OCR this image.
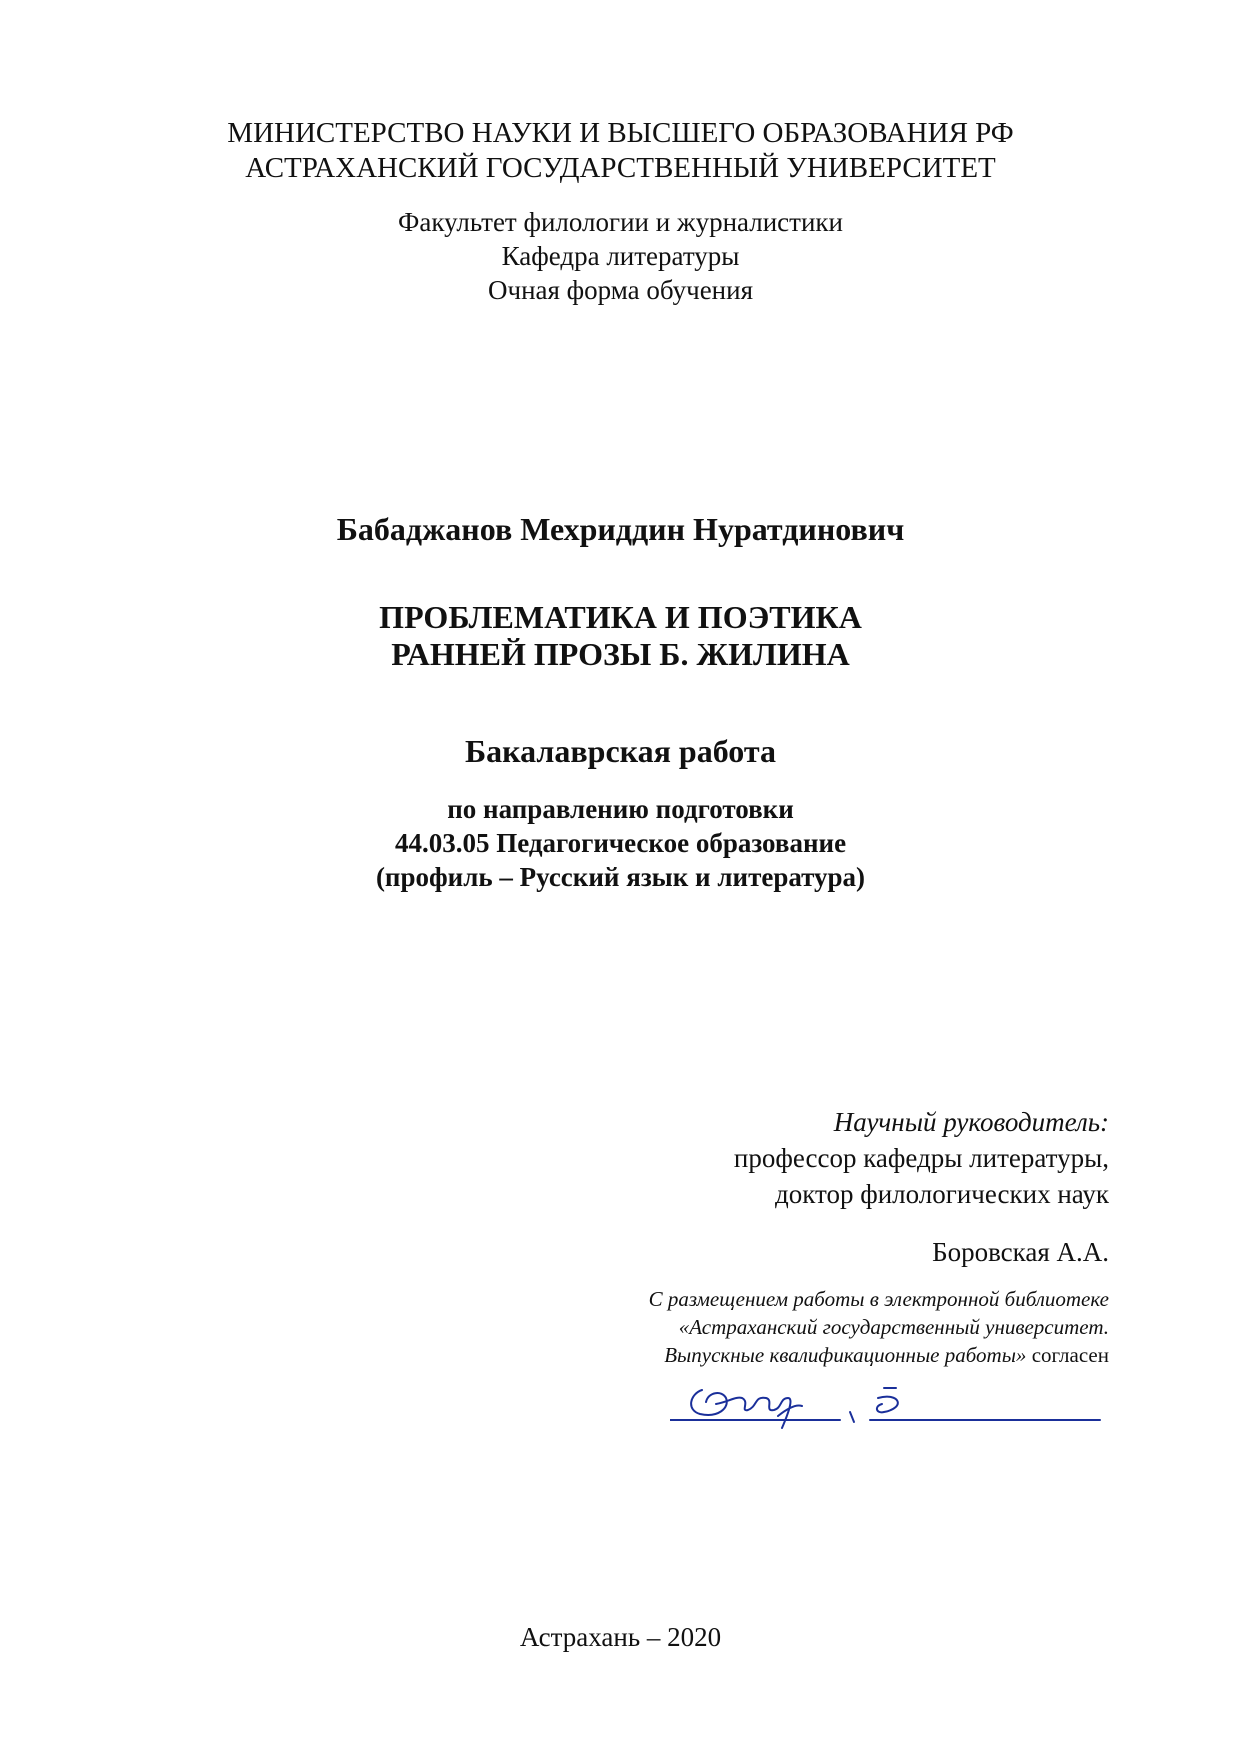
МИНИСТЕРСТВО НАУКИ И ВЫСШЕГО ОБРАЗОВАНИЯ РФ
АСТРАХАНСКИЙ ГОСУДАРСТВЕННЫЙ УНИВЕРСИТЕТ
Факультет филологии и журналистики
Кафедра литературы
Очная форма обучения
Бабаджанов Мехриддин Нуратдинович
ПРОБЛЕМАТИКА И ПОЭТИКА
РАННЕЙ ПРОЗЫ Б. ЖИЛИНА
Бакалаврская работа
по направлению подготовки
44.03.05 Педагогическое образование
(профиль – Русский язык и литература)
Научный руководитель:
профессор кафедры литературы,
доктор филологических наук
Боровская А.А.
С размещением работы в электронной библиотеке
«Астраханский государственный университет.
Выпускные квалификационные работы» согласен
Астрахань – 2020
